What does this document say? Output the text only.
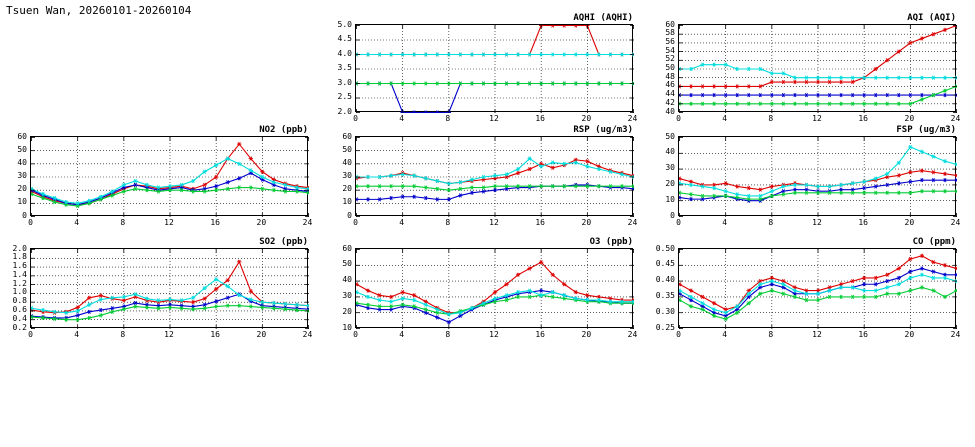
Tsuen Wan, 20260101-20260104
AQHI (AQHI)
0	4	8	12	16	20	24
2.0
2.5
3.0
3.5
4.0
4.5
5.0
AQI (AQI)
0	4	8	12	16	20	24
40
42
44
46
48
50
52
54
56
58
60
NO2 (ppb)
0	4	8	12	16	20	24
0
10
20
30
40
50
60
RSP (ug/m3)
0	4	8	12	16	20	24
0
10
20
30
40
50
60
FSP (ug/m3)
0	4	8	12	16	20	24
0
10
20
30
40
50
SO2 (ppb)
0	4	8	12	16	20	24
0.2
0.4
0.6
0.8
1.0
1.2
1.4
1.6
1.8
2.0
O3 (ppb)
0	4	8	12	16	20	24
10
20
30
40
50
60
CO (ppm)
0	4	8	12	16	20	24
0.25
0.30
0.35
0.40
0.45
0.50
